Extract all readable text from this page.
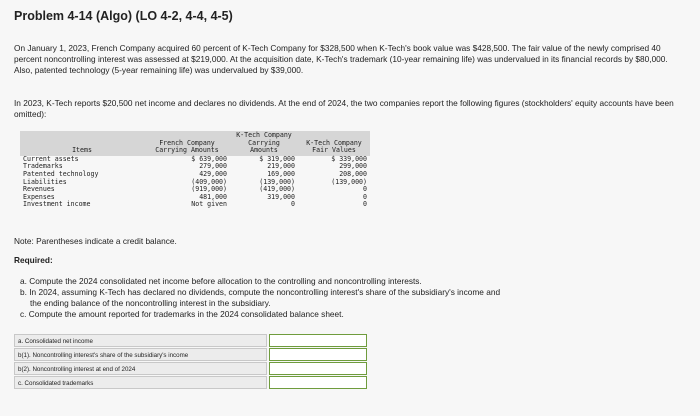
Problem 4-14 (Algo) (LO 4-2, 4-4, 4-5)
On January 1, 2023, French Company acquired 60 percent of K-Tech Company for $328,500 when K-Tech's book value was $428,500. The fair value of the newly comprised 40 percent noncontrolling interest was assessed at $219,000. At the acquisition date, K-Tech's trademark (10-year remaining life) was undervalued in its financial records by $80,000. Also, patented technology (5-year remaining life) was undervalued by $39,000.
In 2023, K-Tech reports $20,500 net income and declares no dividends. At the end of 2024, the two companies report the following figures (stockholders' equity accounts have been omitted):
Items	French Company Carrying Amounts	K-Tech Company Carrying Amounts	K-Tech Company Fair Values
Current assets	$ 639,000	$ 319,000	$ 339,000
Trademarks	279,000	219,000	299,000
Patented technology	429,000	169,000	208,000
Liabilities	(409,000)	(139,000)	(139,000)
Revenues	(919,000)	(419,000)	0
Expenses	481,000	319,000	0
Investment income	Not given	0	0
Note: Parentheses indicate a credit balance.
Required:
a. Compute the 2024 consolidated net income before allocation to the controlling and noncontrolling interests.
b. In 2024, assuming K-Tech has declared no dividends, compute the noncontrolling interest's share of the subsidiary's income and
the ending balance of the noncontrolling interest in the subsidiary.
c. Compute the amount reported for trademarks in the 2024 consolidated balance sheet.
a. Consolidated net income
b(1). Noncontrolling interest's share of the subsidiary's income
b(2). Noncontrolling interest at end of 2024
c. Consolidated trademarks
